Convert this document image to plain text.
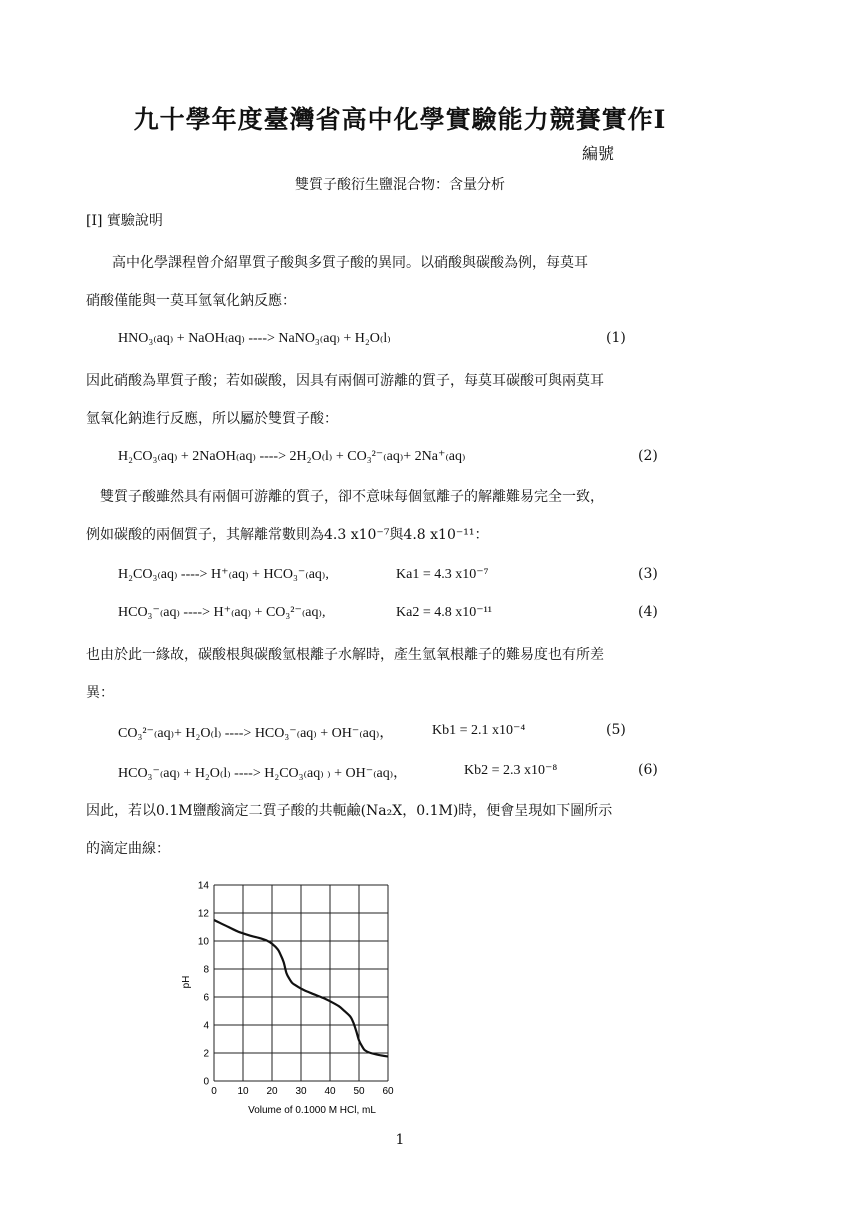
九十學年度臺灣省高中化學實驗能力競賽實作I
編號
雙質子酸衍生鹽混合物：含量分析
[I] 實驗說明
高中化學課程曾介紹單質子酸與多質子酸的異同。以硝酸與碳酸為例，每莫耳
硝酸僅能與一莫耳氫氧化鈉反應：
HNO₃₍aq₎ + NaOH₍aq₎ ----> NaNO₃₍aq₎ + H₂O₍l₎	(1)
因此硝酸為單質子酸；若如碳酸，因具有兩個可游離的質子，每莫耳碳酸可與兩莫耳
氫氧化鈉進行反應，所以屬於雙質子酸：
H₂CO₃₍aq₎ + 2NaOH₍aq₎ ----> 2H₂O₍l₎ + CO₃²⁻₍aq₎+ 2Na⁺₍aq₎	(2)
雙質子酸雖然具有兩個可游離的質子，卻不意味每個氫離子的解離難易完全一致，
例如碳酸的兩個質子，其解離常數則為4.3 x10⁻⁷與4.8 x10⁻¹¹：
H₂CO₃₍aq₎ ----> H⁺₍aq₎ + HCO₃⁻₍aq₎,	Ka1 = 4.3 x10⁻⁷	(3)
HCO₃⁻₍aq₎ ----> H⁺₍aq₎ + CO₃²⁻₍aq₎,	Ka2 = 4.8 x10⁻¹¹	(4)
也由於此一緣故，碳酸根與碳酸氫根離子水解時，產生氫氧根離子的難易度也有所差
異：
CO₃²⁻₍aq₎+ H₂O₍l₎ ----> HCO₃⁻₍aq₎ + OH⁻₍aq₎，	Kb1 = 2.1 x10⁻⁴	(5)
HCO₃⁻₍aq₎ + H₂O₍l₎ ----> H₂CO₃₍aq₎ ₎ + OH⁻₍aq₎，	Kb2 = 2.3 x10⁻⁸	(6)
因此，若以0.1M鹽酸滴定二質子酸的共軛鹼(Na₂X，0.1M)時，便會呈現如下圖所示
的滴定曲線：
0 10 20 30 40 50 60
0
2
4
6
8
10
12
14
pH
Volume of 0.1000 M HCl, mL
1
